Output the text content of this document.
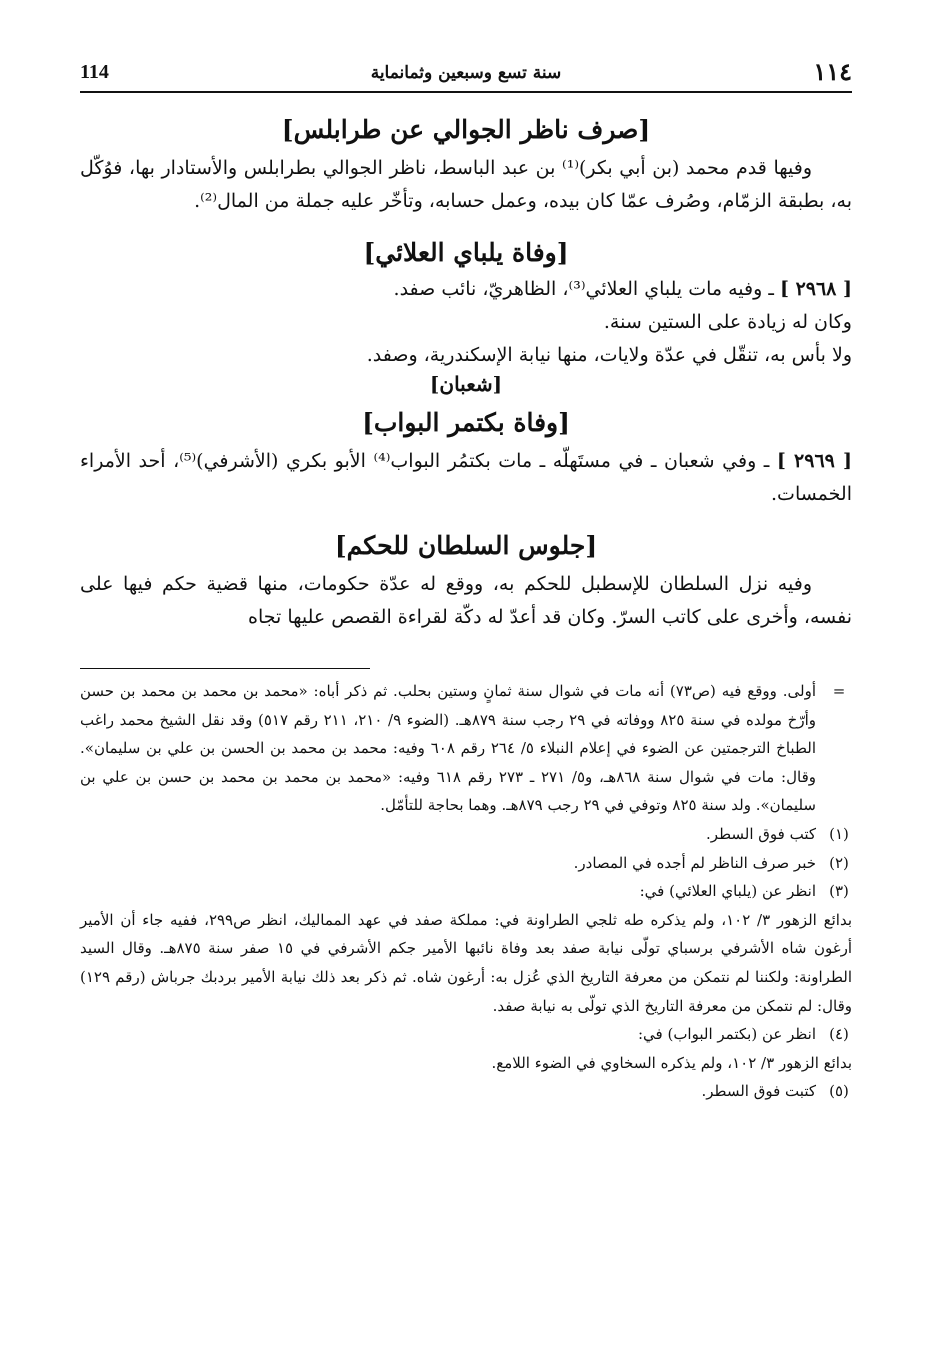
١١٤
سنة تسع وسبعين وثمانماية
114

[صرف ناظر الجوالي عن طرابلس]

وفيها قدم محمد (بن أبي بكر)⁽¹⁾ بن عبد الباسط، ناظر الجوالي بطرابلس والأستادار بها، فوُكّل به، بطبقة الزمّام، وصُرف عمّا كان بيده، وعمل حسابه، وتأخّر عليه جملة من المال⁽²⁾.

[وفاة يلباي العلائي]

[ ٢٩٦٨ ] ـ وفيه مات يلباي العلائي⁽³⁾، الظاهريّ، نائب صفد.

وكان له زيادة على الستين سنة.

ولا بأس به، تنقّل في عدّة ولايات، منها نيابة الإسكندرية، وصفد.

[شعبان]

[وفاة بكتمر البواب]

[ ٢٩٦٩ ] ـ وفي شعبان ـ في مستَهلّه ـ مات بكتمُر البواب⁽⁴⁾ الأبو بكري (الأشرفي)⁽⁵⁾، أحد الأمراء الخمسات.

[جلوس السلطان للحكم]

وفيه نزل السلطان للإسطبل للحكم به، ووقع له عدّة حكومات، منها قضية حكم فيها على نفسه، وأخرى على كاتب السرّ. وكان قد أعدّ له دكّة لقراءة القصص عليها تجاه

=

أولى. ووقع فيه (ص٧٣) أنه مات في شوال سنة ثمانٍ وستين بحلب. ثم ذكر أباه: «محمد بن محمد بن محمد بن حسن وأرّخ مولده في سنة ٨٢٥ ووفاته في ٢٩ رجب سنة ٨٧٩هـ. (الضوء ٩/ ٢١٠، ٢١١ رقم ٥١٧) وقد نقل الشيخ محمد راغب الطباخ الترجمتين عن الضوء في إعلام النبلاء ٥/ ٢٦٤ رقم ٦٠٨ وفيه: محمد بن محمد بن الحسن بن علي بن سليمان». وقال: مات في شوال سنة ٨٦٨هـ، و٥/ ٢٧١ ـ ٢٧٣ رقم ٦١٨ وفيه: «محمد بن محمد بن محمد بن حسن بن علي بن سليمان». ولد سنة ٨٢٥ وتوفي في ٢٩ رجب ٨٧٩هـ. وهما بحاجة للتأمّل.

(١)

كتب فوق السطر.

(٢)

خبر صرف الناظر لم أجده في المصادر.

(٣)

انظر عن (يلباي العلائي) في:

بدائع الزهور ٣/ ١٠٢، ولم يذكره طه ثلجي الطراونة في: مملكة صفد في عهد المماليك، انظر ص٢٩٩، ففيه جاء أن الأمير أرغون شاه الأشرفي برسباي تولّى نيابة صفد بعد وفاة نائبها الأمير جكم الأشرفي في ١٥ صفر سنة ٨٧٥هـ. وقال السيد الطراونة: ولكننا لم نتمكن من معرفة التاريخ الذي عُزل به: أرغون شاه. ثم ذكر بعد ذلك نيابة الأمير بردبك جرباش (رقم ١٢٩) وقال: لم نتمكن من معرفة التاريخ الذي تولّى به نيابة صفد.

(٤)

انظر عن (بكتمر البواب) في:

بدائع الزهور ٣/ ١٠٢، ولم يذكره السخاوي في الضوء اللامع.

(٥)

كتبت فوق السطر.
